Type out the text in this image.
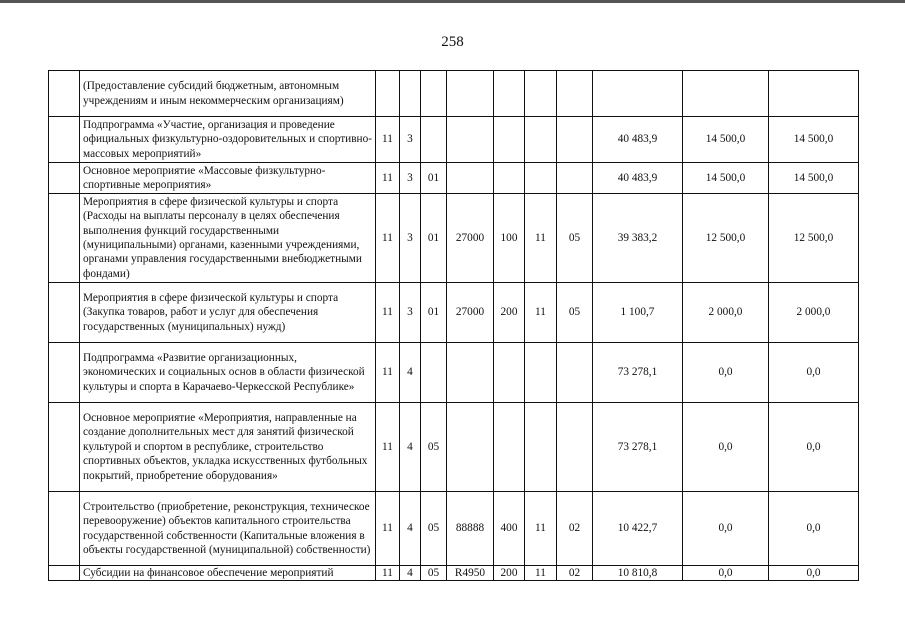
258
	(Предоставление субсидий бюджетным, автономным учреждениям и иным некоммерческим организациям)										
	Подпрограмма «Участие, организация и проведение официальных физкультурно-оздоровительных и спортивно-массовых мероприятий»	11	3						40 483,9	14 500,0	14 500,0
	Основное мероприятие «Массовые физкультурно-спортивные мероприятия»	11	3	01					40 483,9	14 500,0	14 500,0
	Мероприятия в сфере физической культуры и спорта (Расходы на выплаты персоналу в целях обеспечения выполнения функций государственными (муниципальными) органами, казенными учреждениями, органами управления государственными внебюджетными фондами)	11	3	01	27000	100	11	05	39 383,2	12 500,0	12 500,0
	Мероприятия в сфере физической культуры и спорта (Закупка товаров, работ и услуг для обеспечения государственных (муниципальных) нужд)	11	3	01	27000	200	11	05	1 100,7	2 000,0	2 000,0
	Подпрограмма «Развитие организационных, экономических и социальных основ в области физической культуры и спорта в Карачаево-Черкесской Республике»	11	4						73 278,1	0,0	0,0
	Основное мероприятие «Мероприятия, направленные на создание дополнительных мест для занятий физической культурой и спортом в республике, строительство спортивных объектов, укладка искусственных футбольных покрытий, приобретение оборудования»	11	4	05					73 278,1	0,0	0,0
	Строительство (приобретение, реконструкция, техническое перевооружение) объектов капитального строительства государственной собственности (Капитальные вложения в объекты государственной (муниципальной) собственности)	11	4	05	88888	400	11	02	10 422,7	0,0	0,0
	Субсидии на финансовое обеспечение мероприятий	11	4	05	R4950	200	11	02	10 810,8	0,0	0,0
